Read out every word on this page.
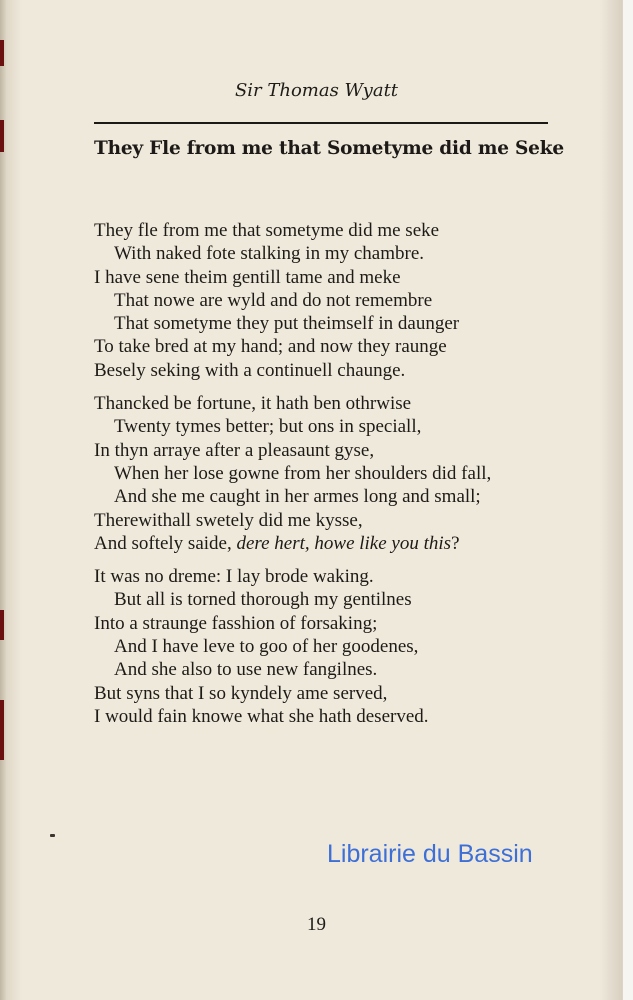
Sir Thomas Wyatt
They Fle from me that Sometyme did me Seke
They fle from me that sometyme did me seke
With naked fote stalking in my chambre.
I have sene theim gentill tame and meke
That nowe are wyld and do not remembre
That sometyme they put theimself in daunger
To take bred at my hand; and now they raunge
Besely seking with a continuell chaunge.
Thancked be fortune, it hath ben othrwise
Twenty tymes better; but ons in speciall,
In thyn arraye after a pleasaunt gyse,
When her lose gowne from her shoulders did fall,
And she me caught in her armes long and small;
Therewithall swetely did me kysse,
And softely saide, dere hert, howe like you this?
It was no dreme: I lay brode waking.
But all is torned thorough my gentilnes
Into a straunge fasshion of forsaking;
And I have leve to goo of her goodenes,
And she also to use new fangilnes.
But syns that I so kyndely ame served,
I would fain knowe what she hath deserved.
Librairie du Bassin
19
